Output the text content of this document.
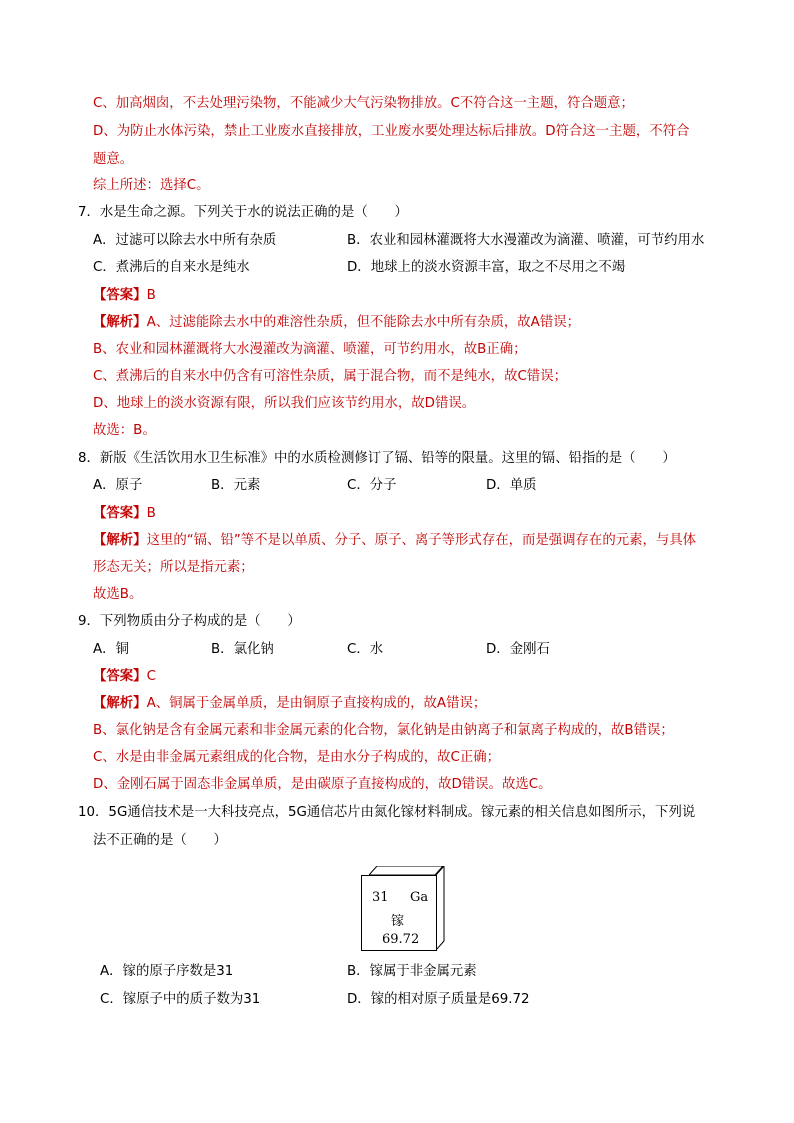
C、加高烟囱，不去处理污染物，不能减少大气污染物排放。C不符合这一主题，符合题意；
D、为防止水体污染，禁止工业废水直接排放，工业废水要处理达标后排放。D符合这一主题，不符合
题意。
综上所述：选择C。
7．水是生命之源。下列关于水的说法正确的是（　　）
A．过滤可以除去水中所有杂质	B．农业和园林灌溉将大水漫灌改为滴灌、喷灌，可节约用水
C．煮沸后的自来水是纯水	D．地球上的淡水资源丰富，取之不尽用之不竭
【答案】B
【解析】A、过滤能除去水中的难溶性杂质，但不能除去水中所有杂质，故A错误；
B、农业和园林灌溉将大水漫灌改为滴灌、喷灌，可节约用水，故B正确；
C、煮沸后的自来水中仍含有可溶性杂质，属于混合物，而不是纯水，故C错误；
D、地球上的淡水资源有限，所以我们应该节约用水，故D错误。
故选：B。
8．新版《生活饮用水卫生标准》中的水质检测修订了镉、铅等的限量。这里的镉、铅指的是（　　）
A．原子	B．元素	C．分子	D．单质
【答案】B
【解析】这里的“镉、铅”等不是以单质、分子、原子、离子等形式存在，而是强调存在的元素，与具体
形态无关；所以是指元素；
故选B。
9．下列物质由分子构成的是（　　）
A．铜	B．氯化钠	C．水	D．金刚石
【答案】C
【解析】A、铜属于金属单质，是由铜原子直接构成的，故A错误；
B、氯化钠是含有金属元素和非金属元素的化合物，氯化钠是由钠离子和氯离子构成的，故B错误；
C、水是由非金属元素组成的化合物，是由水分子构成的，故C正确；
D、金刚石属于固态非金属单质，是由碳原子直接构成的，故D错误。故选C。
10．5G通信技术是一大科技亮点，5G通信芯片由氮化镓材料制成。镓元素的相关信息如图所示，下列说
法不正确的是（　　）
31 Ga
镓
69.72
A．镓的原子序数是31	B．镓属于非金属元素
C．镓原子中的质子数为31	D．镓的相对原子质量是69.72
